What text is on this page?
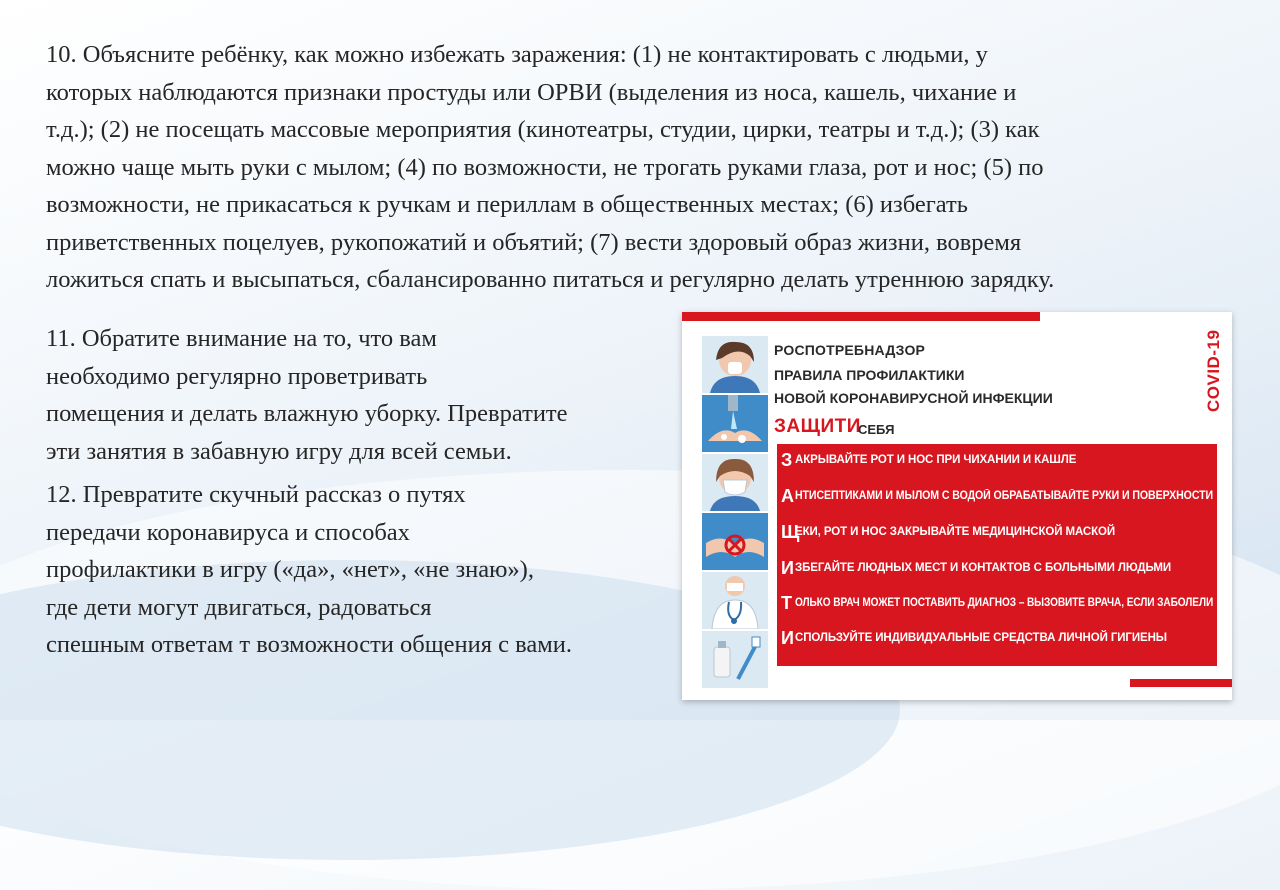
10. Объясните ребёнку, как можно избежать заражения: (1) не контактировать с людьми, у
которых наблюдаются признаки простуды или ОРВИ (выделения из носа, кашель, чихание и
т.д.); (2) не посещать массовые мероприятия (кинотеатры, студии, цирки, театры и т.д.); (3) как
можно чаще мыть руки с мылом; (4) по возможности, не трогать руками глаза, рот и нос; (5) по
возможности, не прикасаться к ручкам и периллам в общественных местах; (6) избегать
приветственных поцелуев, рукопожатий и объятий; (7) вести здоровый образ жизни, вовремя
ложиться спать и высыпаться, сбалансированно питаться и регулярно делать утреннюю зарядку.

11. Обратите внимание на то, что вам
необходимо регулярно проветривать
помещения и делать влажную уборку. Превратите
эти занятия в забавную игру для всей семьи.

12. Превратите скучный рассказ о путях
передачи коронавируса и способах
профилактики в игру («да», «нет», «не знаю»),
где дети могут двигаться, радоваться
спешным ответам т возможности общения с вами.

РОСПОТРЕБНАДЗОР
ПРАВИЛА ПРОФИЛАКТИКИ
НОВОЙ КОРОНАВИРУСНОЙ ИНФЕКЦИИ
ЗАЩИТИ
СЕБЯ
COVID-19
З АКРЫВАЙТЕ РОТ И НОС ПРИ ЧИХАНИИ И КАШЛЕ
А НТИСЕПТИКАМИ И МЫЛОМ С ВОДОЙ ОБРАБАТЫВАЙТЕ РУКИ И ПОВЕРХНОСТИ
Щ
ЕКИ, РОТ И НОС ЗАКРЫВАЙТЕ МЕДИЦИНСКОЙ МАСКОЙ
И ЗБЕГАЙТЕ ЛЮДНЫХ МЕСТ И КОНТАКТОВ С БОЛЬНЫМИ ЛЮДЬМИ
Т ОЛЬКО ВРАЧ МОЖЕТ ПОСТАВИТЬ ДИАГНОЗ – ВЫЗОВИТЕ ВРАЧА, ЕСЛИ ЗАБОЛЕЛИ
И СПОЛЬЗУЙТЕ ИНДИВИДУАЛЬНЫЕ СРЕДСТВА ЛИЧНОЙ ГИГИЕНЫ
